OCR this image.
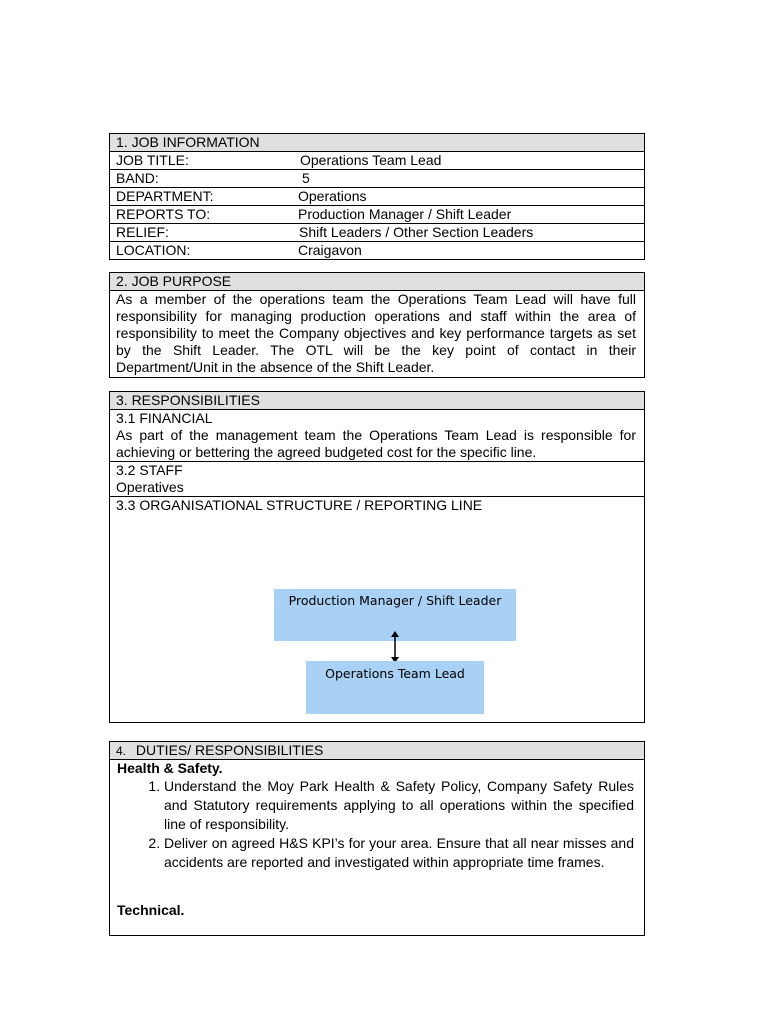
1. JOB INFORMATION
JOB TITLE:	Operations Team Lead
BAND:	5
DEPARTMENT:	Operations
REPORTS TO:	Production Manager / Shift Leader
RELIEF:	Shift Leaders / Other Section Leaders
LOCATION:	Craigavon
2. JOB PURPOSE
As a member of the operations team the Operations Team Lead will have full responsibility for managing production operations and staff within the area of responsibility to meet the Company objectives and key performance targets as set by the Shift Leader. The OTL will be the key point of contact in their Department/Unit in the absence of the Shift Leader.
3. RESPONSIBILITIES
3.1 FINANCIAL
As part of the management team the Operations Team Lead is responsible for achieving or bettering the agreed budgeted cost for the specific line.
3.2 STAFF
Operatives
3.3 ORGANISATIONAL STRUCTURE / REPORTING LINE
Production Manager / Shift Leader
Operations Team Lead
4. DUTIES/ RESPONSIBILITIES
Health & Safety.
1. Understand the Moy Park Health & Safety Policy, Company Safety Rules and Statutory requirements applying to all operations within the specified line of responsibility.
2. Deliver on agreed H&S KPI’s for your area. Ensure that all near misses and accidents are reported and investigated within appropriate time frames.
Technical.
